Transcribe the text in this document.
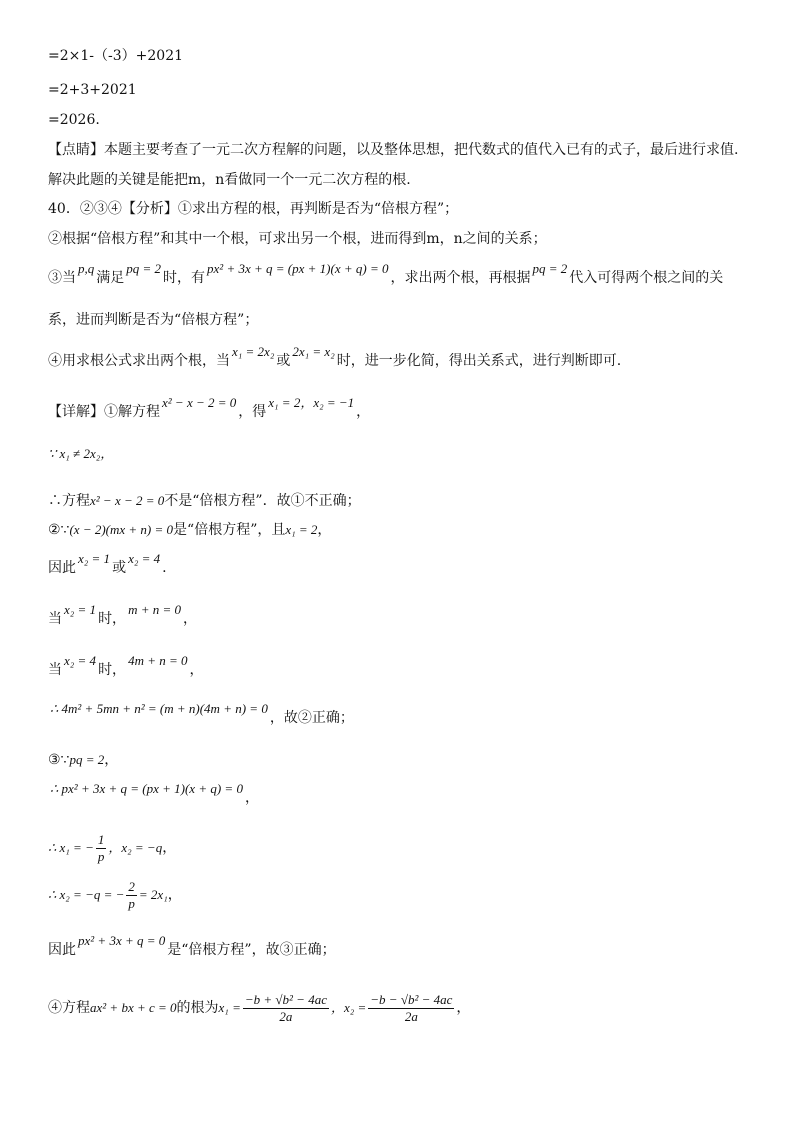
=2×1-（-3）+2021
=2+3+2021
=2026.
【点睛】本题主要考查了一元二次方程解的问题，以及整体思想，把代数式的值代入已有的式子，最后进行求值.
解决此题的关键是能把m，n看做同一个一元二次方程的根.
40．②③④【分析】①求出方程的根，再判断是否为“倍根方程”；
②根据“倍根方程”和其中一个根，可求出另一个根，进而得到m，n之间的关系；
③当p,q满足pq = 2时，有px² + 3x + q = (px + 1)(x + q) = 0，求出两个根，再根据pq = 2代入可得两个根之间的关
系，进而判断是否为“倍根方程”；
④用求根公式求出两个根，当x₁ = 2x₂或2x₁ = x₂时，进一步化简，得出关系式，进行判断即可.
【详解】①解方程x² − x − 2 = 0，得x₁ = 2，x₂ = −1，
∵ x₁ ≠ 2x₂，
∴方程x² − x − 2 = 0不是“倍根方程”．故①不正确；
②∵(x − 2)(mx + n) = 0是“倍根方程”，且x₁ = 2，
因此x₂ = 1或x₂ = 4.
当x₂ = 1时，m + n = 0，
当x₂ = 4时，4m + n = 0，
∴ 4m² + 5mn + n² = (m + n)(4m + n) = 0，故②正确；
③∵pq = 2，
∴ px² + 3x + q = (px + 1)(x + q) = 0，
∴ x₁ = − $\frac{1}{p}$ ，x₂ = −q，
∴ x₂ = −q = − $\frac{2}{p} = 2x_1$，
因此px² + 3x + q = 0是“倍根方程”，故③正确；
④方程ax² + bx + c = 0的根为$x_1 = \frac{\text{−b + √b² − 4ac}}{2a}$ ，$x_2 = \frac{\text{−b − √b² − 4ac}}{2a}$ ，
